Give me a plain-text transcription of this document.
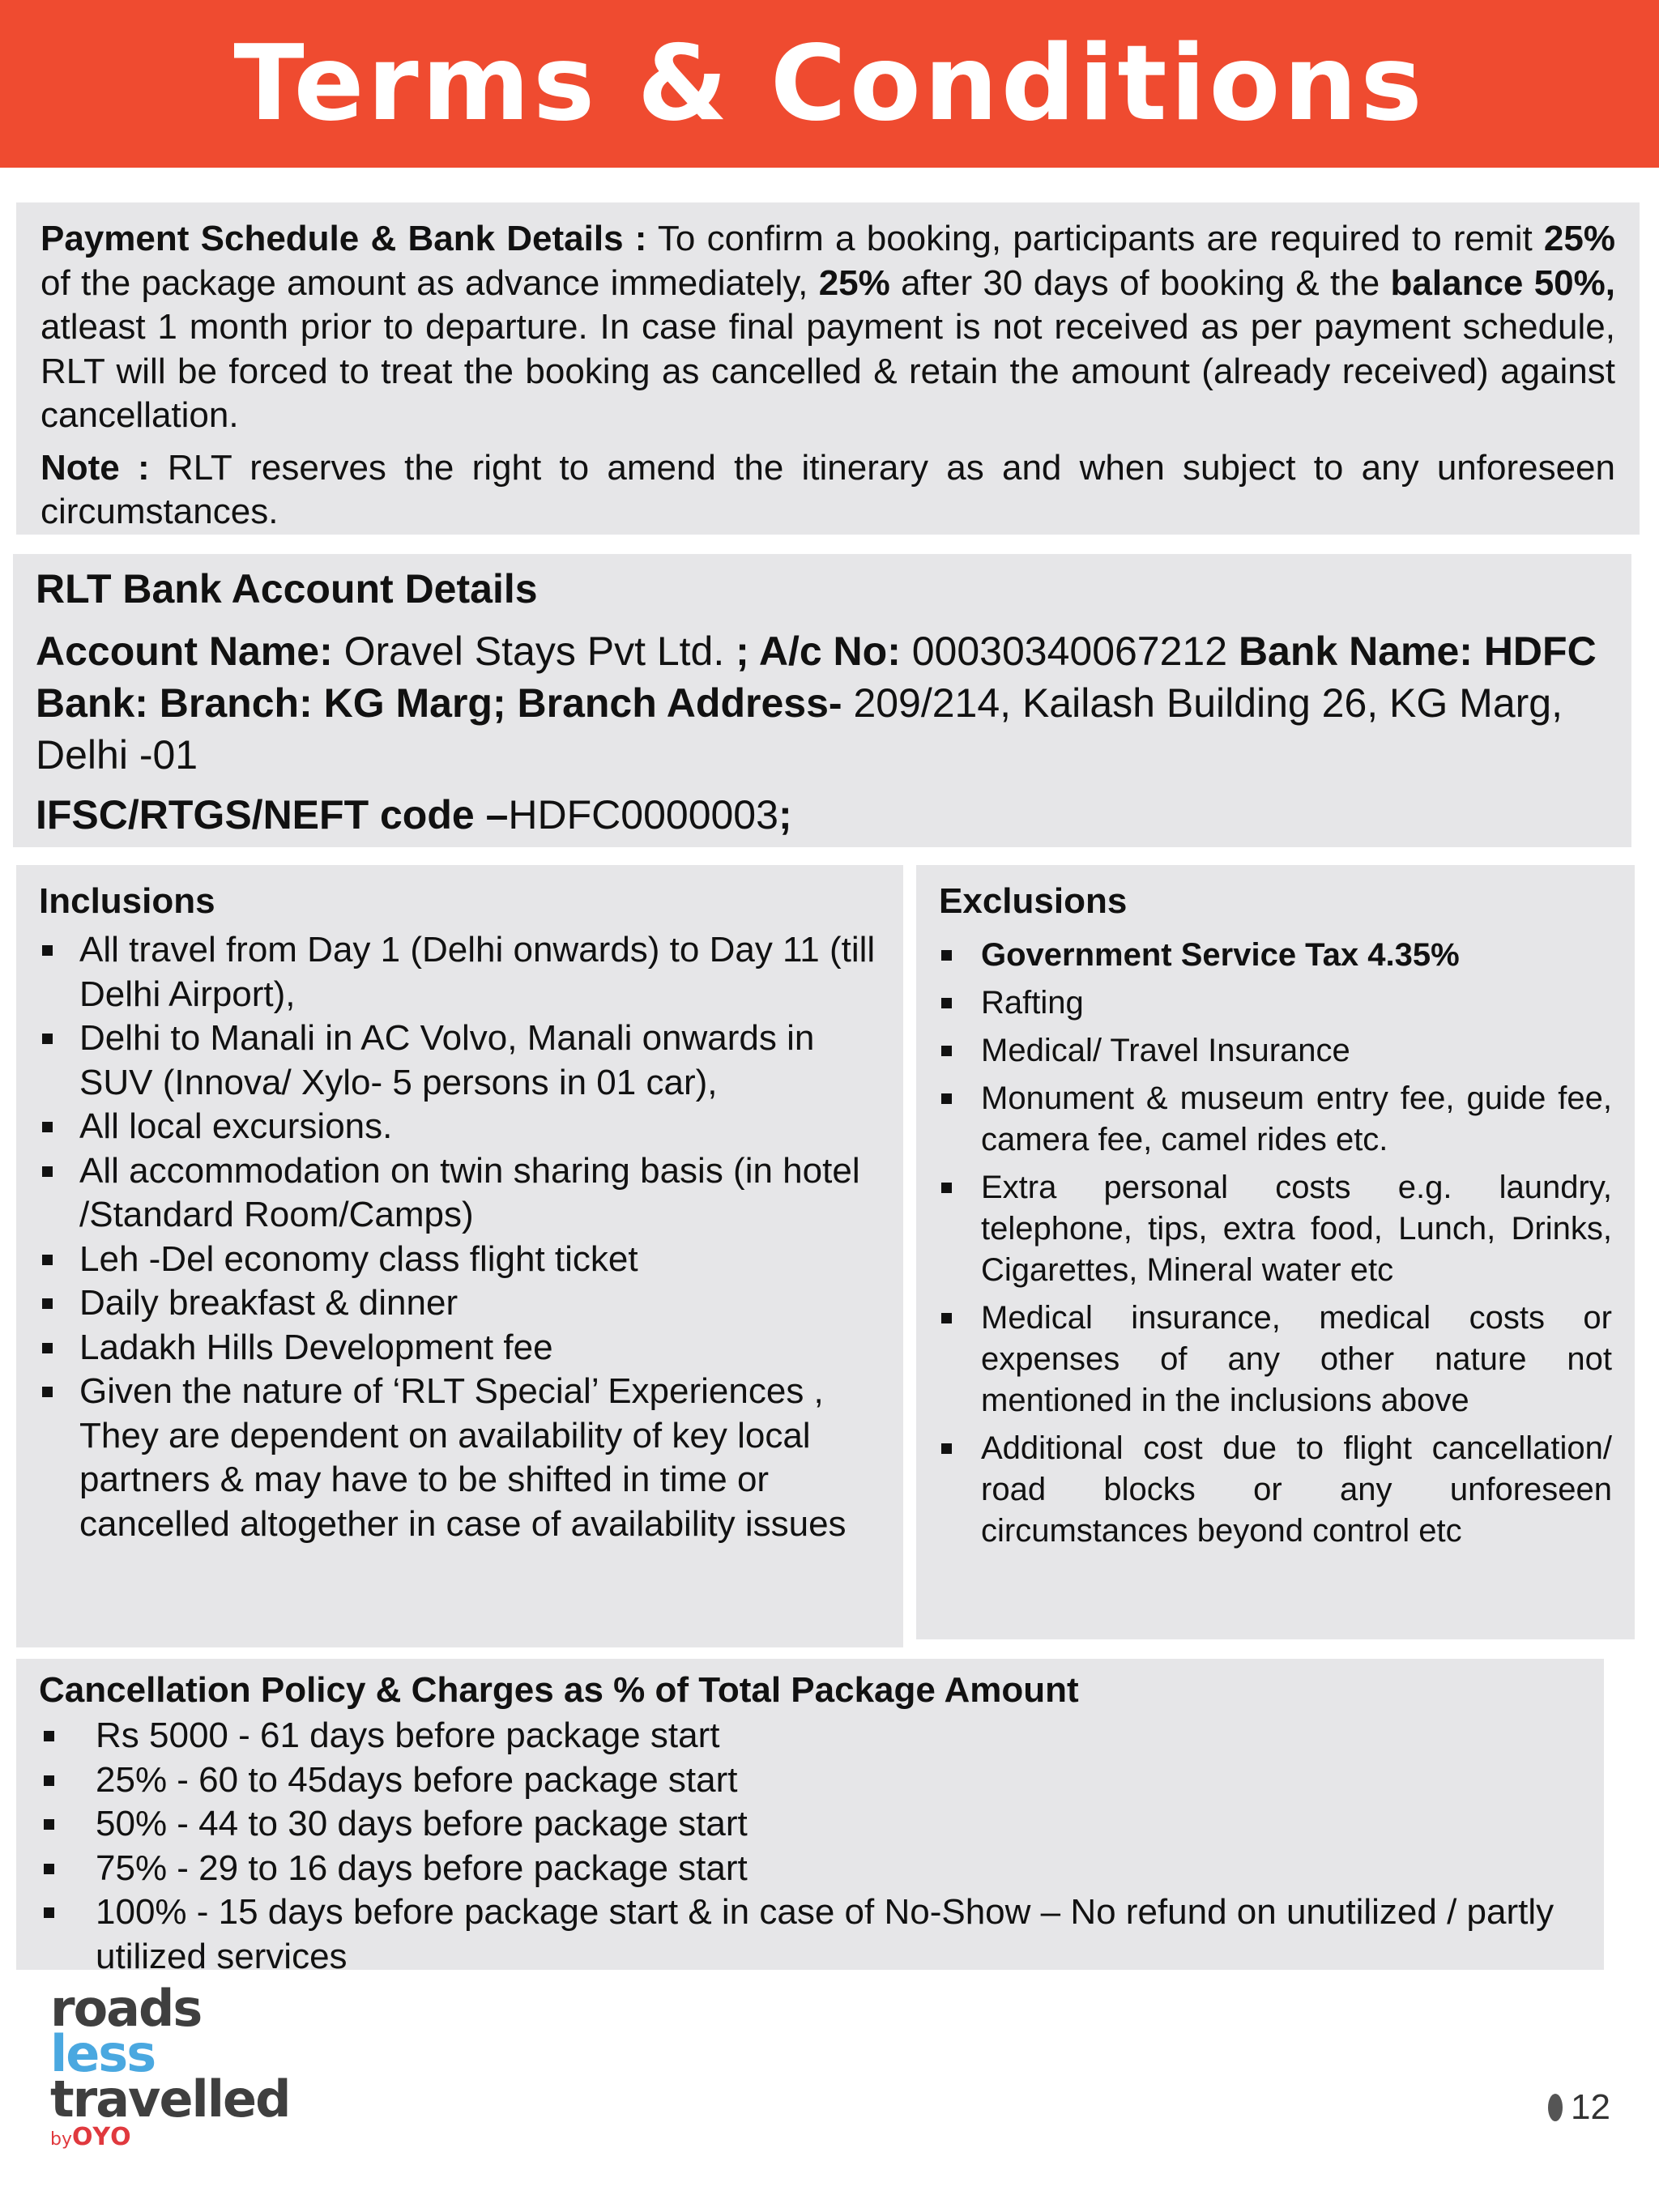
Terms & Conditions

Payment Schedule & Bank Details : To confirm a booking, participants are required to remit 25% of the package amount as advance immediately, 25% after 30 days of booking & the balance 50%, atleast 1 month prior to departure. In case final payment is not received as per payment schedule, RLT will be forced to treat the booking as cancelled & retain the amount (already received) against cancellation.

Note : RLT reserves the right to amend the itinerary as and when subject to any unforeseen circumstances.

RLT Bank Account Details

Account Name: Oravel Stays Pvt Ltd. ; A/c No: 00030340067212 Bank Name: HDFC Bank: Branch: KG Marg; Branch Address- 209/214, Kailash Building 26, KG Marg, Delhi -01

IFSC/RTGS/NEFT code –HDFC0000003;

Inclusions

All travel from Day 1 (Delhi onwards) to Day 11 (till Delhi Airport),
Delhi to Manali in AC Volvo, Manali onwards in SUV (Innova/ Xylo- 5 persons in 01 car),
All local excursions.
All accommodation on twin sharing basis (in hotel /Standard Room/Camps)
Leh -Del economy class flight ticket
Daily breakfast & dinner
Ladakh Hills Development fee
Given the nature of ‘RLT Special’ Experiences , They are dependent on availability of key local partners & may have to be shifted in time or cancelled altogether in case of availability issues

Exclusions

Government Service Tax 4.35%
Rafting
Medical/ Travel Insurance
Monument & museum entry fee, guide fee, camera fee, camel rides etc.
Extra personal costs e.g. laundry, telephone, tips, extra food, Lunch, Drinks, Cigarettes, Mineral water etc
Medical insurance, medical costs or expenses of any other nature not mentioned in the inclusions above
Additional cost due to flight cancellation/ road blocks or any unforeseen circumstances beyond control etc

Cancellation Policy & Charges as % of Total Package Amount

Rs 5000 - 61 days before package start
25% - 60 to 45days before package start
50% - 44 to 30 days before package start
75% - 29 to 16 days before package start
100% - 15 days before package start & in case of No-Show – No refund on unutilized / partly utilized services
roads
less
travelled
byOYO
12
